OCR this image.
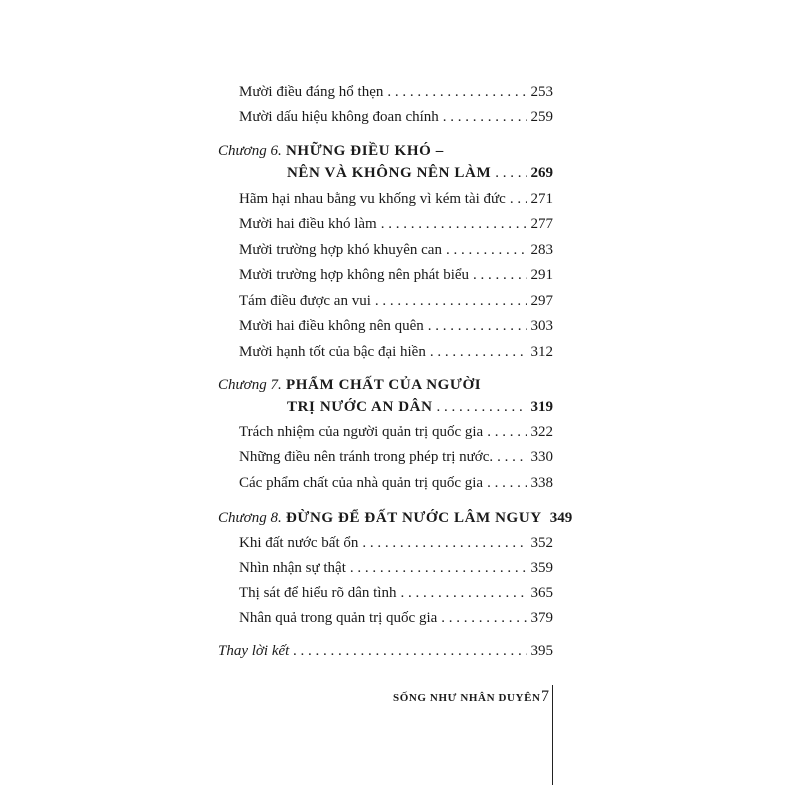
Mười điều đáng hổ thẹn . . .	253
Mười dấu hiệu không đoan chính . . .	259
Chương 6. NHỮNG ĐIỀU KHÓ –
NÊN VÀ KHÔNG NÊN LÀM . . .	269
Hãm hại nhau bằng vu khống vì kém tài đức . . . 271
Mười hai điều khó làm . . .	277
Mười trường hợp khó khuyên can . . .	283
Mười trường hợp không nên phát biểu . . .	291
Tám điều được an vui . . .	297
Mười hai điều không nên quên . . .	303
Mười hạnh tốt của bậc đại hiền . . .	312
Chương 7. PHẨM CHẤT CỦA NGƯỜI
TRỊ NƯỚC AN DÂN . . .	319
Trách nhiệm của người quản trị quốc gia . . .	322
Những điều nên tránh trong phép trị nước. . . . 330
Các phẩm chất của nhà quản trị quốc gia . . .	338
Chương 8. ĐỪNG ĐỂ ĐẤT NƯỚC LÂM NGUY 349
Khi đất nước bất ổn . . .	352
Nhìn nhận sự thật . . .	359
Thị sát để hiểu rõ dân tình . . .	365
Nhân quả trong quản trị quốc gia . . .	379
Thay lời kết . . .	395
SỐNG NHƯ NHÂN DUYÊN 7
